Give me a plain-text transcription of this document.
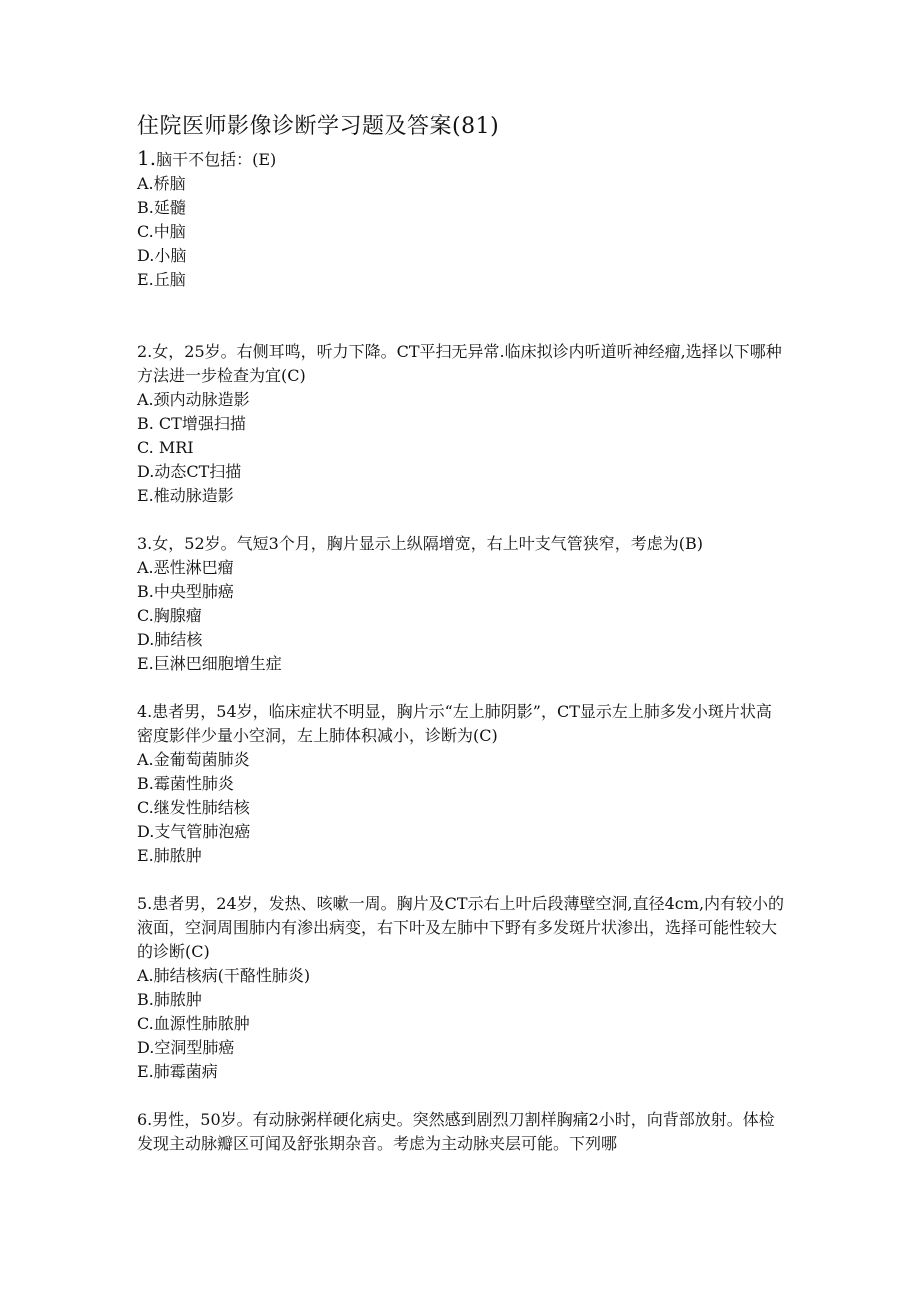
住院医师影像诊断学习题及答案(81)

1.脑干不包括：(E)

A.桥脑
B.延髓
C.中脑
D.小脑
E.丘脑

2.女，25岁。右侧耳鸣，听力下降。CT平扫无异常.临床拟诊内听道听神经瘤,选择以下哪种方法进一步检查为宜(C)

A.颈内动脉造影
B. CT增强扫描
C. MRI
D.动态CT扫描
E.椎动脉造影

3.女，52岁。气短3个月，胸片显示上纵隔增宽，右上叶支气管狭窄，考虑为(B)

A.恶性淋巴瘤
B.中央型肺癌
C.胸腺瘤
D.肺结核
E.巨淋巴细胞增生症

4.患者男，54岁，临床症状不明显，胸片示“左上肺阴影”，CT显示左上肺多发小斑片状高密度影伴少量小空洞，左上肺体积减小，诊断为(C)

A.金葡萄菌肺炎
B.霉菌性肺炎
C.继发性肺结核
D.支气管肺泡癌
E.肺脓肿

5.患者男，24岁，发热、咳嗽一周。胸片及CT示右上叶后段薄壁空洞,直径4cm,内有较小的液面，空洞周围肺内有渗出病变，右下叶及左肺中下野有多发斑片状渗出，选择可能性较大的诊断(C)

A.肺结核病(干酪性肺炎)
B.肺脓肿
C.血源性肺脓肿
D.空洞型肺癌
E.肺霉菌病

6.男性，50岁。有动脉粥样硬化病史。突然感到剧烈刀割样胸痛2小时，向背部放射。体检发现主动脉瓣区可闻及舒张期杂音。考虑为主动脉夹层可能。下列哪
